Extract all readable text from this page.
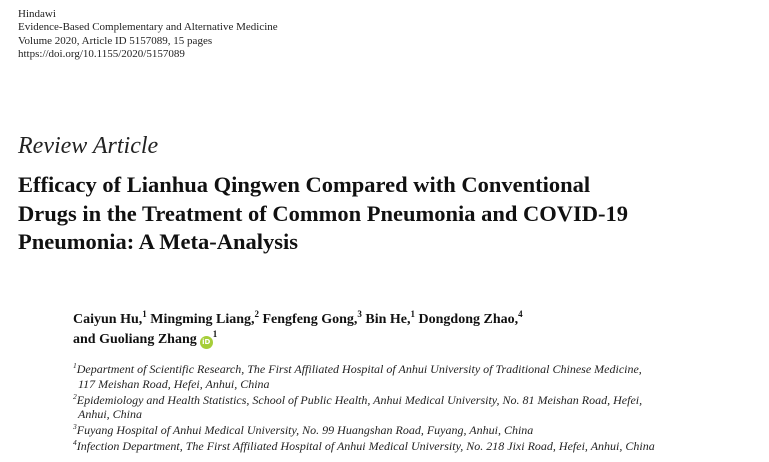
Hindawi
Evidence-Based Complementary and Alternative Medicine
Volume 2020, Article ID 5157089, 15 pages
https://doi.org/10.1155/2020/5157089
Review Article
Efficacy of Lianhua Qingwen Compared with Conventional
Drugs in the Treatment of Common Pneumonia and COVID-19
Pneumonia: A Meta-Analysis
Caiyun Hu,$^1$ Mingming Liang,$^2$ Fengfeng Gong,$^3$ Bin He,$^1$ Dongdong Zhao,$^4$
and Guoliang Zhang $iD^1$
$^1$Department of Scientific Research, The First Affiliated Hospital of Anhui University of Traditional Chinese Medicine,
117 Meishan Road, Hefei, Anhui, China
$^2$Epidemiology and Health Statistics, School of Public Health, Anhui Medical University, No. 81 Meishan Road, Hefei,
Anhui, China
$^3$Fuyang Hospital of Anhui Medical University, No. 99 Huangshan Road, Fuyang, Anhui, China
$^4$Infection Department, The First Affiliated Hospital of Anhui Medical University, No. 218 Jixi Road, Hefei, Anhui, China
